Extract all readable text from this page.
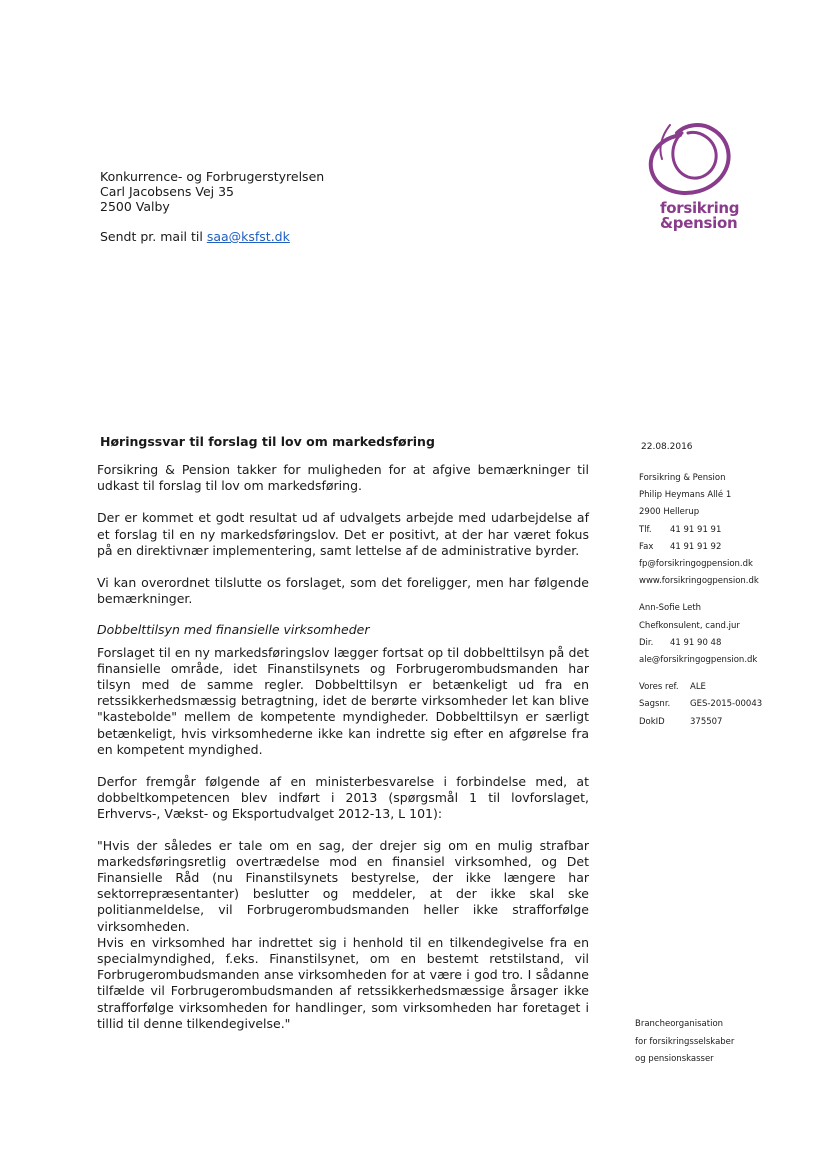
Konkurrence- og Forbrugerstyrelsen
Carl Jacobsens Vej 35
2500 Valby
Sendt pr. mail til saa@ksfst.dk
forsikring
&pension
Høringssvar til forslag til lov om markedsføring	22.08.2016

Forsikring & Pension takker for muligheden for at afgive bemærkninger til udkast til forslag til lov om markedsføring.

Der er kommet et godt resultat ud af udvalgets arbejde med udarbejdelse af et forslag til en ny markedsføringslov. Det er positivt, at der har været fokus på en direktivnær implementering, samt lettelse af de administrative byrder.

Vi kan overordnet tilslutte os forslaget, som det foreligger, men har følgende bemærkninger.

Dobbelttilsyn med finansielle virksomheder

Forslaget til en ny markedsføringslov lægger fortsat op til dobbelttilsyn på det finansielle område, idet Finanstilsynets og Forbrugerombudsmanden har tilsyn med de samme regler. Dobbelttilsyn er betænkeligt ud fra en retssikkerhedsmæssig betragtning, idet de berørte virksomheder let kan blive "kastebolde" mellem de kompetente myndigheder. Dobbelttilsyn er særligt betænkeligt, hvis virksomhederne ikke kan indrette sig efter en afgørelse fra en kompetent myndighed.

Derfor fremgår følgende af en ministerbesvarelse i forbindelse med, at dobbeltkompetencen blev indført i 2013 (spørgsmål 1 til lovforslaget, Erhvervs-, Vækst- og Eksportudvalget 2012-13, L 101):

"Hvis der således er tale om en sag, der drejer sig om en mulig strafbar markedsføringsretlig overtrædelse mod en finansiel virksomhed, og Det Finansielle Råd (nu Finanstilsynets bestyrelse, der ikke længere har sektorrepræsentanter) beslutter og meddeler, at der ikke skal ske politianmeldelse, vil Forbrugerombudsmanden heller ikke strafforfølge virksomheden.

Hvis en virksomhed har indrettet sig i henhold til en tilkendegivelse fra en specialmyndighed, f.eks. Finanstilsynet, om en bestemt retstilstand, vil Forbrugerombudsmanden anse virksomheden for at være i god tro. I sådanne tilfælde vil Forbrugerombudsmanden af retssikkerhedsmæssige årsager ikke strafforfølge virksomheden for handlinger, som virksomheden har foretaget i tillid til denne tilkendegivelse."

Forsikring & Pension
Philip Heymans Allé 1
2900 Hellerup
Tlf.	41 91 91 91
Fax	41 91 91 92
fp@forsikringogpension.dk
www.forsikringogpension.dk
Ann-Sofie Leth
Chefkonsulent, cand.jur
Dir.	41 91 90 48
ale@forsikringogpension.dk
Vores ref.	ALE
Sagsnr.	GES-2015-00043
DokID	375507
Brancheorganisation
for forsikringsselskaber
og pensionskasser
